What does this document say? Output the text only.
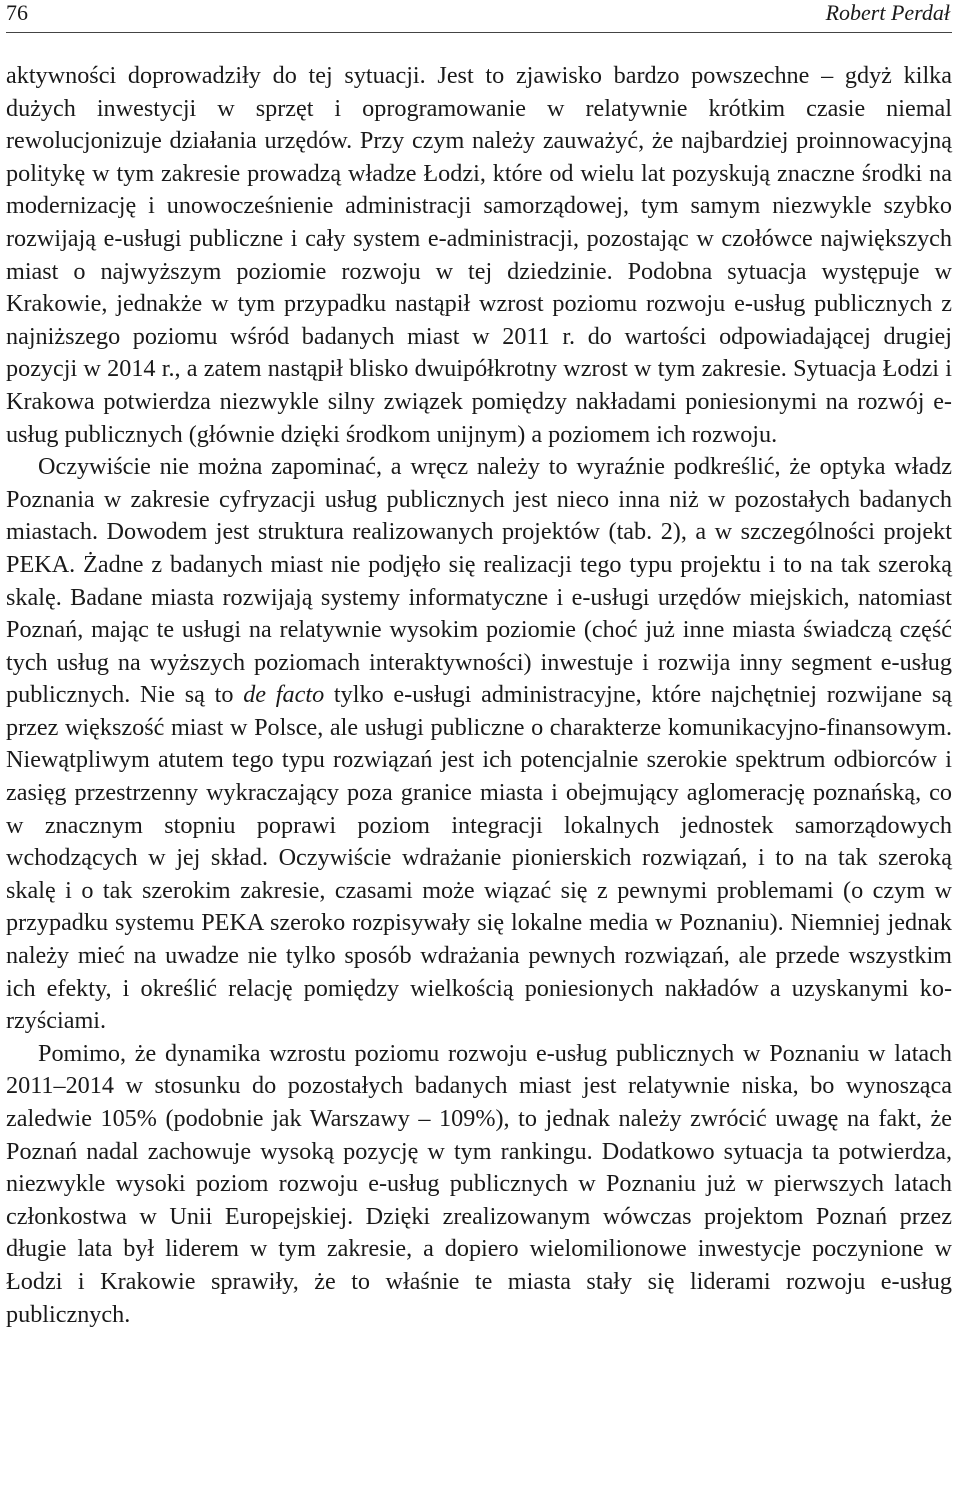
76	Robert Perdał

aktywności doprowadziły do tej sytuacji. Jest to zjawisko bardzo powszechne – gdyż kilka dużych inwestycji w sprzęt i oprogramowanie w relatywnie krótkim czasie niemal rewolucjonizuje działania urzędów. Przy czym należy zauważyć, że najbardziej proinnowacyjną politykę w tym zakresie prowadzą władze Łodzi, które od wielu lat pozyskują znaczne środki na modernizację i unowocześnienie administracji samorządowej, tym samym niezwykle szybko rozwijają e-usługi publiczne i cały system e-administracji, pozostając w czołówce największych miast o najwyższym poziomie rozwoju w tej dziedzinie. Podobna sytuacja występuje w Krakowie, jednakże w tym przypadku nastąpił wzrost poziomu rozwoju e-usług publicznych z najniższego poziomu wśród badanych miast w 2011 r. do wartości odpowiadającej drugiej pozycji w 2014 r., a zatem nastąpił blisko dwuipółkrotny wzrost w tym zakresie. Sytuacja Łodzi i Krakowa potwierdza niezwykle silny związek pomiędzy nakładami poniesionymi na rozwój e-usług publicznych (głównie dzięki środkom unijnym) a poziomem ich rozwoju.

Oczywiście nie można zapominać, a wręcz należy to wyraźnie podkreślić, że optyka władz Poznania w zakresie cyfryzacji usług publicznych jest nieco inna niż w pozostałych badanych miastach. Dowodem jest struktura realizowanych projektów (tab. 2), a w szczególności projekt PEKA. Żadne z badanych miast nie podjęło się realizacji tego typu projektu i to na tak szeroką skalę. Badane miasta rozwijają systemy informatyczne i e-usługi urzędów miejskich, natomiast Poznań, mając te usługi na relatywnie wysokim poziomie (choć już inne miasta świadczą część tych usług na wyższych poziomach interaktywności) inwestuje i rozwija inny segment e-usług publicznych. Nie są to de facto tylko e-usługi administracyjne, które najchętniej rozwijane są przez większość miast w Polsce, ale usługi publiczne o charakterze komunikacyjno-finansowym. Niewątpliwym atutem tego typu rozwiązań jest ich potencjalnie szerokie spektrum odbiorców i zasięg przestrzenny wykraczający poza granice miasta i obejmujący aglomerację poznańską, co w znacznym stopniu poprawi poziom integracji lokalnych jednostek samorządowych wchodzących w jej skład. Oczywiście wdrażanie pionierskich rozwiązań, i to na tak szeroką skalę i o tak szerokim zakresie, czasami może wiązać się z pewnymi problemami (o czym w przypadku systemu PEKA szeroko rozpisywały się lokalne media w Poznaniu). Niemniej jednak należy mieć na uwadze nie tylko sposób wdrażania pewnych rozwiązań, ale przede wszystkim ich efekty, i określić relację pomiędzy wielkością poniesionych nakładów a uzyskanymi korzyściami.

Pomimo, że dynamika wzrostu poziomu rozwoju e-usług publicznych w Poznaniu w latach 2011–2014 w stosunku do pozostałych badanych miast jest relatywnie niska, bo wynosząca zaledwie 105% (podobnie jak Warszawy – 109%), to jednak należy zwrócić uwagę na fakt, że Poznań nadal zachowuje wysoką pozycję w tym rankingu. Dodatkowo sytuacja ta potwierdza, niezwykle wysoki poziom rozwoju e-usług publicznych w Poznaniu już w pierwszych latach członkostwa w Unii Europejskiej. Dzięki zrealizowanym wówczas projektom Poznań przez długie lata był liderem w tym zakresie, a dopiero wielomilionowe inwestycje poczynione w Łodzi i Krakowie sprawiły, że to właśnie te miasta stały się liderami rozwoju e-usług publicznych.
